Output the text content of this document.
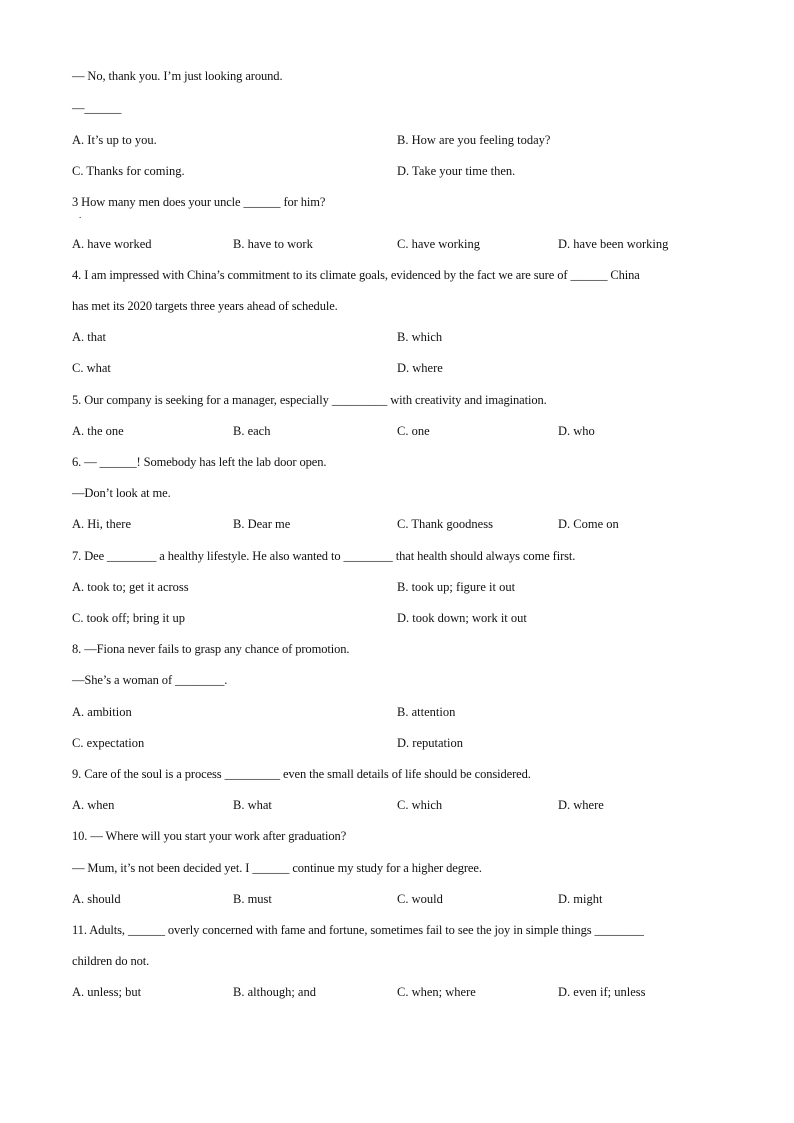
— No, thank you. I’m just looking around.
—______
A. It’s up to you.	B. How are you feeling today?
C. Thanks for coming.	D. Take your time then.
3 How many men does your uncle ______ for him?
.
A. have worked	B. have to work	C. have working	D. have been working
4. I am impressed with China’s commitment to its climate goals, evidenced by the fact we are sure of ______ China
has met its 2020 targets three years ahead of schedule.
A. that	B. which
C. what	D. where
5. Our company is seeking for a manager, especially _________ with creativity and imagination.
A. the one	B. each	C. one	D. who
6. — ______! Somebody has left the lab door open.
—Don’t look at me.
A. Hi, there	B. Dear me	C. Thank goodness	D. Come on
7. Dee ________ a healthy lifestyle. He also wanted to ________ that health should always come first.
A. took to; get it across	B. took up; figure it out
C. took off; bring it up	D. took down; work it out
8. —Fiona never fails to grasp any chance of promotion.
—She’s a woman of ________.
A. ambition	B. attention
C. expectation	D. reputation
9. Care of the soul is a process _________ even the small details of life should be considered.
A. when	B. what	C. which	D. where
10. — Where will you start your work after graduation?
— Mum, it’s not been decided yet. I ______ continue my study for a higher degree.
A. should	B. must	C. would	D. might
11. Adults, ______ overly concerned with fame and fortune, sometimes fail to see the joy in simple things ________
children do not.
A. unless; but	B. although; and	C. when; where	D. even if; unless
